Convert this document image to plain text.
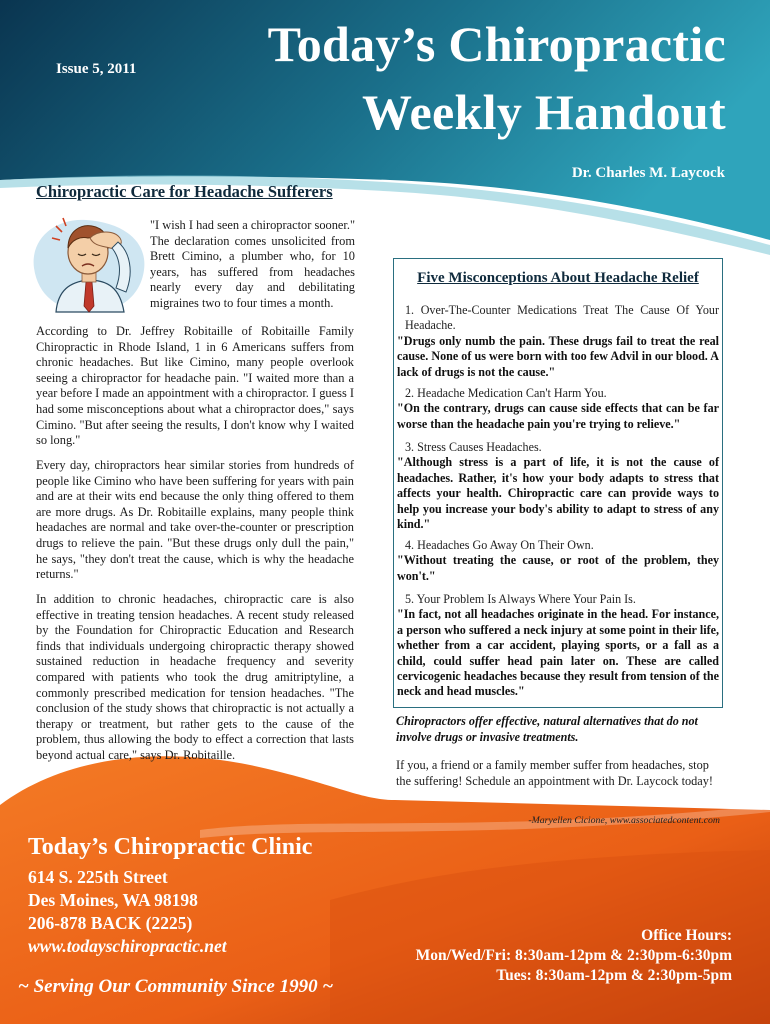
Issue 5, 2011	Today’s Chiropractic
Weekly Handout
Dr. Charles M. Laycock
Chiropractic Care for Headache Sufferers
"I wish I had seen a chiropractor sooner." The declaration comes unsolicited from Brett Cimino, a plumber who, for 10 years, has suffered from headaches nearly every day and debilitating migraines two to four times a month.
According to Dr. Jeffrey Robitaille of Robitaille Family Chiropractic in Rhode Island, 1 in 6 Americans suffers from chronic headaches. But like Cimino, many people overlook seeing a chiropractor for headache pain. "I waited more than a year before I made an appointment with a chiropractor. I guess I had some misconceptions about what a chiropractor does," says Cimino. "But after seeing the results, I don't know why I waited so long."
Every day, chiropractors hear similar stories from hundreds of people like Cimino who have been suffering for years with pain and are at their wits end because the only thing offered to them are more drugs. As Dr. Robitaille explains, many people think headaches are normal and take over-the-counter or prescription drugs to relieve the pain. "But these drugs only dull the pain," he says, "they don't treat the cause, which is why the headache returns."
In addition to chronic headaches, chiropractic care is also effective in treating tension headaches. A recent study released by the Foundation for Chiropractic Education and Research finds that individuals undergoing chiropractic therapy showed sustained reduction in headache frequency and severity compared with patients who took the drug amitriptyline, a commonly prescribed medication for tension headaches. "The conclusion of the study shows that chiropractic is not actually a therapy or treatment, but rather gets to the cause of the problem, thus allowing the body to effect a correction that lasts beyond actual care," says Dr. Robitaille.
Five Misconceptions About Headache Relief
1. Over-The-Counter Medications Treat The Cause Of Your Headache.
"Drugs only numb the pain. These drugs fail to treat the real cause. None of us were born with too few Advil in our blood. A lack of drugs is not the cause."
2. Headache Medication Can't Harm You.
"On the contrary, drugs can cause side effects that can be far worse than the headache pain you're trying to relieve."
3. Stress Causes Headaches.
"Although stress is a part of life, it is not the cause of headaches. Rather, it's how your body adapts to stress that affects your health. Chiropractic care can provide ways to help you increase your body's ability to adapt to stress of any kind."
4. Headaches Go Away On Their Own.
"Without treating the cause, or root of the problem, they won't."
5. Your Problem Is Always Where Your Pain Is.
"In fact, not all headaches originate in the head. For instance, a person who suffered a neck injury at some point in their life, whether from a car accident, playing sports, or a fall as a child, could suffer head pain later on. These are called cervicogenic headaches because they result from tension of the neck and head muscles."
Chiropractors offer effective, natural alternatives that do not involve drugs or invasive treatments.
If you, a friend or a family member suffer from headaches, stop the suffering! Schedule an appointment with Dr. Laycock today!
-Maryellen Cicione, www.associatedcontent.com
Today’s Chiropractic Clinic
614 S. 225th Street
Des Moines, WA 98198
206-878 BACK (2225)
www.todayschiropractic.net
~ Serving Our Community Since 1990 ~
Office Hours:
Mon/Wed/Fri: 8:30am-12pm & 2:30pm-6:30pm
Tues: 8:30am-12pm & 2:30pm-5pm
